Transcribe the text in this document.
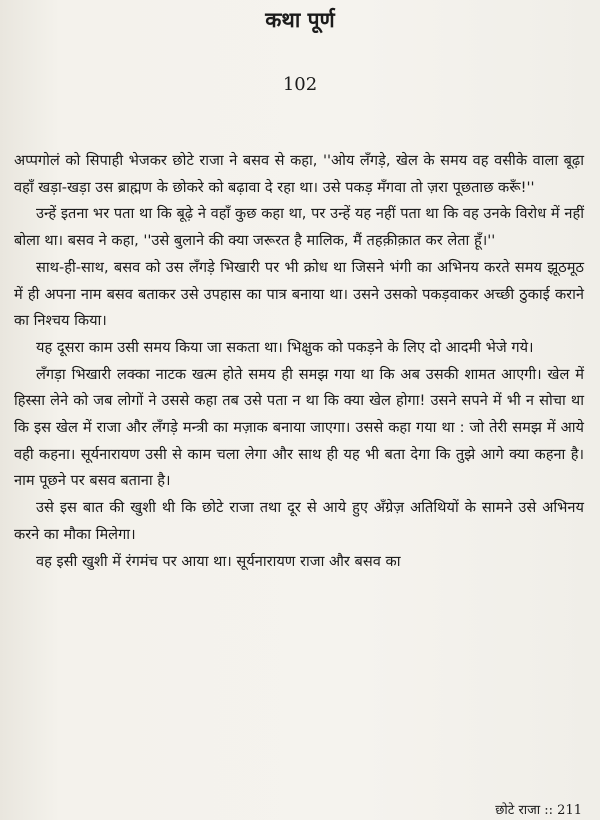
कथा पूर्ण
102

अप्पगोलं को सिपाही भेजकर छोटे राजा ने बसव से कहा, ''ओय लँगड़े, खेल के समय वह वसीके वाला बूढ़ा वहाँ खड़ा-खड़ा उस ब्राह्मण के छोकरे को बढ़ावा दे रहा था। उसे पकड़ मँगवा तो ज़रा पूछताछ करूँ!''

उन्हें इतना भर पता था कि बूढ़े ने वहाँ कुछ कहा था, पर उन्हें यह नहीं पता था कि वह उनके विरोध में नहीं बोला था। बसव ने कहा, ''उसे बुलाने की क्या जरूरत है मालिक, मैं तहक़ीक़ात कर लेता हूँ।''

साथ-ही-साथ, बसव को उस लँगड़े भिखारी पर भी क्रोध था जिसने भंगी का अभिनय करते समय झूठमूठ में ही अपना नाम बसव बताकर उसे उपहास का पात्र बनाया था। उसने उसको पकड़वाकर अच्छी ठुकाई कराने का निश्चय किया।

यह दूसरा काम उसी समय किया जा सकता था। भिक्षुक को पकड़ने के लिए दो आदमी भेजे गये।

लँगड़ा भिखारी लक्का नाटक खत्म होते समय ही समझ गया था कि अब उसकी शामत आएगी। खेल में हिस्सा लेने को जब लोगों ने उससे कहा तब उसे पता न था कि क्या खेल होगा! उसने सपने में भी न सोचा था कि इस खेल में राजा और लँगड़े मन्त्री का मज़ाक बनाया जाएगा। उससे कहा गया था : जो तेरी समझ में आये वही कहना। सूर्यनारायण उसी से काम चला लेगा और साथ ही यह भी बता देगा कि तुझे आगे क्या कहना है। नाम पूछने पर बसव बताना है।

उसे इस बात की खुशी थी कि छोटे राजा तथा दूर से आये हुए अँग्रेज़ अतिथियों के सामने उसे अभिनय करने का मौका मिलेगा।

वह इसी खुशी में रंगमंच पर आया था। सूर्यनारायण राजा और बसव का

छोटे राजा :: 211
